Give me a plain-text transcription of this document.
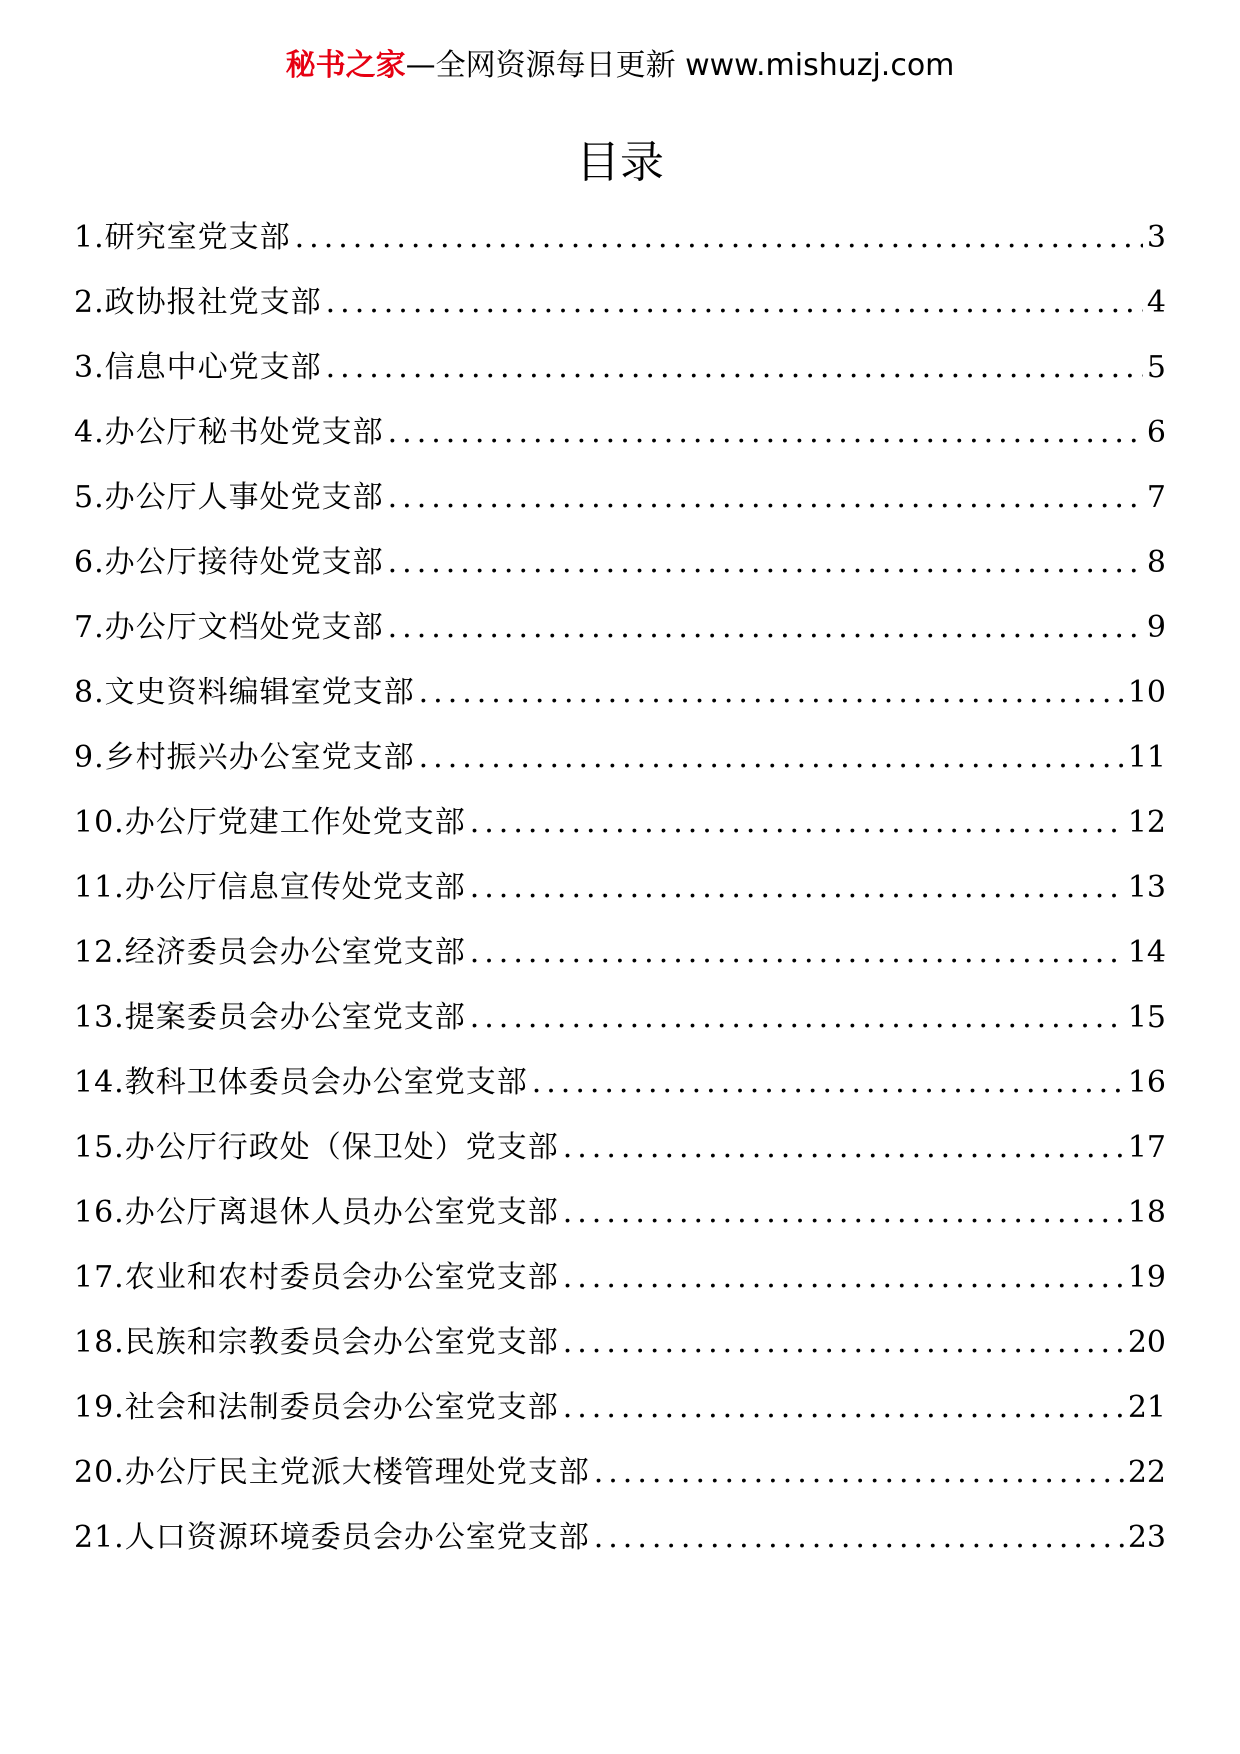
秘书之家—全网资源每日更新 www.mishuzj.com
目录
1.研究室党支部 .....	3
2.政协报社党支部 .....	4
3.信息中心党支部 .....	5
4.办公厅秘书处党支部 .....	6
5.办公厅人事处党支部 .....	7
6.办公厅接待处党支部 .....	8
7.办公厅文档处党支部 .....	9
8.文史资料编辑室党支部 .....	10
9.乡村振兴办公室党支部 .....	11
10.办公厅党建工作处党支部 .....	12
11.办公厅信息宣传处党支部 .....	13
12.经济委员会办公室党支部 .....	14
13.提案委员会办公室党支部 .....	15
14.教科卫体委员会办公室党支部 .....	16
15.办公厅行政处（保卫处）党支部 .....	17
16.办公厅离退休人员办公室党支部 .....	18
17.农业和农村委员会办公室党支部 .....	19
18.民族和宗教委员会办公室党支部 .....	20
19.社会和法制委员会办公室党支部 .....	21
20.办公厅民主党派大楼管理处党支部 .....	22
21.人口资源环境委员会办公室党支部 .....	23
